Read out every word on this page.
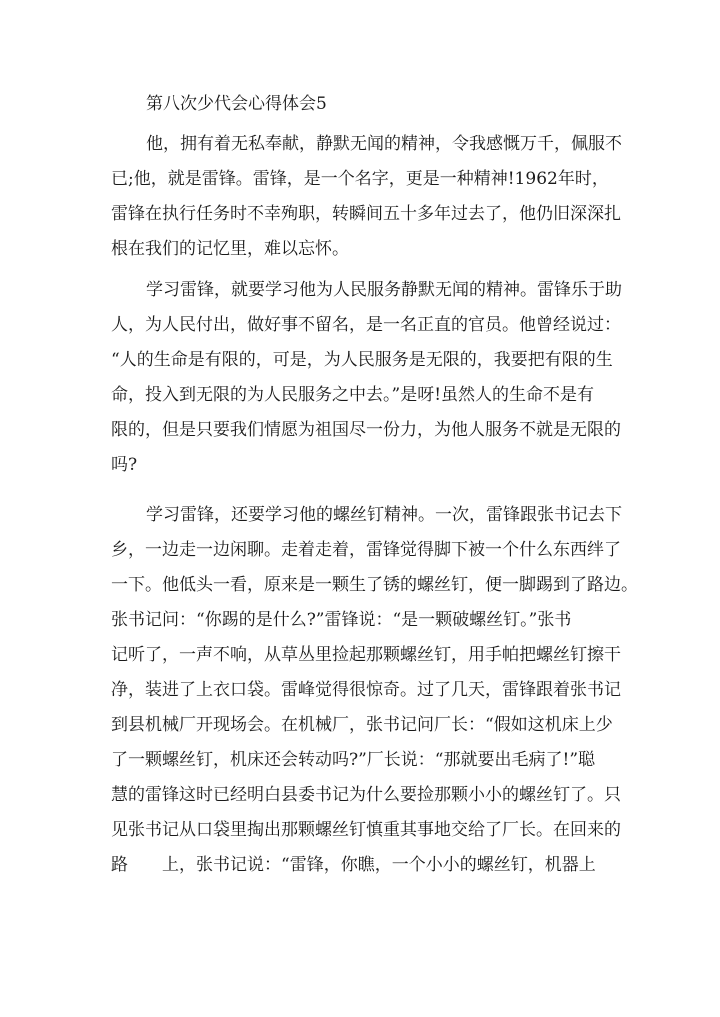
第八次少代会心得体会5
他，拥有着无私奉献，静默无闻的精神，令我感慨万千，佩服不
已;他，就是雷锋。雷锋，是一个名字，更是一种精神!1962年时，
雷锋在执行任务时不幸殉职，转瞬间五十多年过去了，他仍旧深深扎
根在我们的记忆里，难以忘怀。
学习雷锋，就要学习他为人民服务静默无闻的精神。雷锋乐于助
人，为人民付出，做好事不留名，是一名正直的官员。他曾经说过：
“人的生命是有限的，可是，为人民服务是无限的，我要把有限的生
命，投入到无限的为人民服务之中去。”是呀!虽然人的生命不是有
限的，但是只要我们情愿为祖国尽一份力，为他人服务不就是无限的
吗?
学习雷锋，还要学习他的螺丝钉精神。一次，雷锋跟张书记去下
乡，一边走一边闲聊。走着走着，雷锋觉得脚下被一个什么东西绊了
一下。他低头一看，原来是一颗生了锈的螺丝钉，便一脚踢到了路边。
张书记问：“你踢的是什么?”雷锋说：“是一颗破螺丝钉。”张书
记听了，一声不响，从草丛里捡起那颗螺丝钉，用手帕把螺丝钉擦干
净，装进了上衣口袋。雷峰觉得很惊奇。过了几天，雷锋跟着张书记
到县机械厂开现场会。在机械厂，张书记问厂长：“假如这机床上少
了一颗螺丝钉，机床还会转动吗?”厂长说：“那就要出毛病了!”聪
慧的雷锋这时已经明白县委书记为什么要捡那颗小小的螺丝钉了。只
见张书记从口袋里掏出那颗螺丝钉慎重其事地交给了厂长。在回来的
路　　上，张书记说：“雷锋，你瞧，一个小小的螺丝钉，机器上
